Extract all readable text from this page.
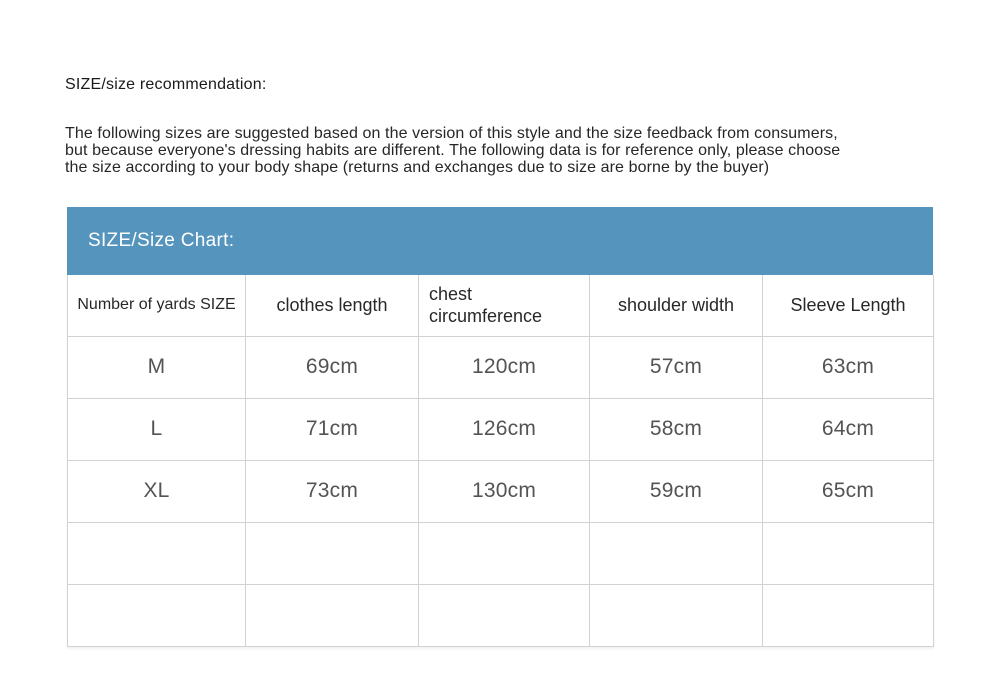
SIZE/size recommendation:
The following sizes are suggested based on the version of this style and the size feedback from consumers,
but because everyone's dressing habits are different. The following data is for reference only, please choose
the size according to your body shape (returns and exchanges due to size are borne by the buyer)
SIZE/Size Chart:
Number of yards SIZE	clothes length	chest circumference	shoulder width	Sleeve Length
M	69cm	120cm	57cm	63cm
L	71cm	126cm	58cm	64cm
XL	73cm	130cm	59cm	65cm
